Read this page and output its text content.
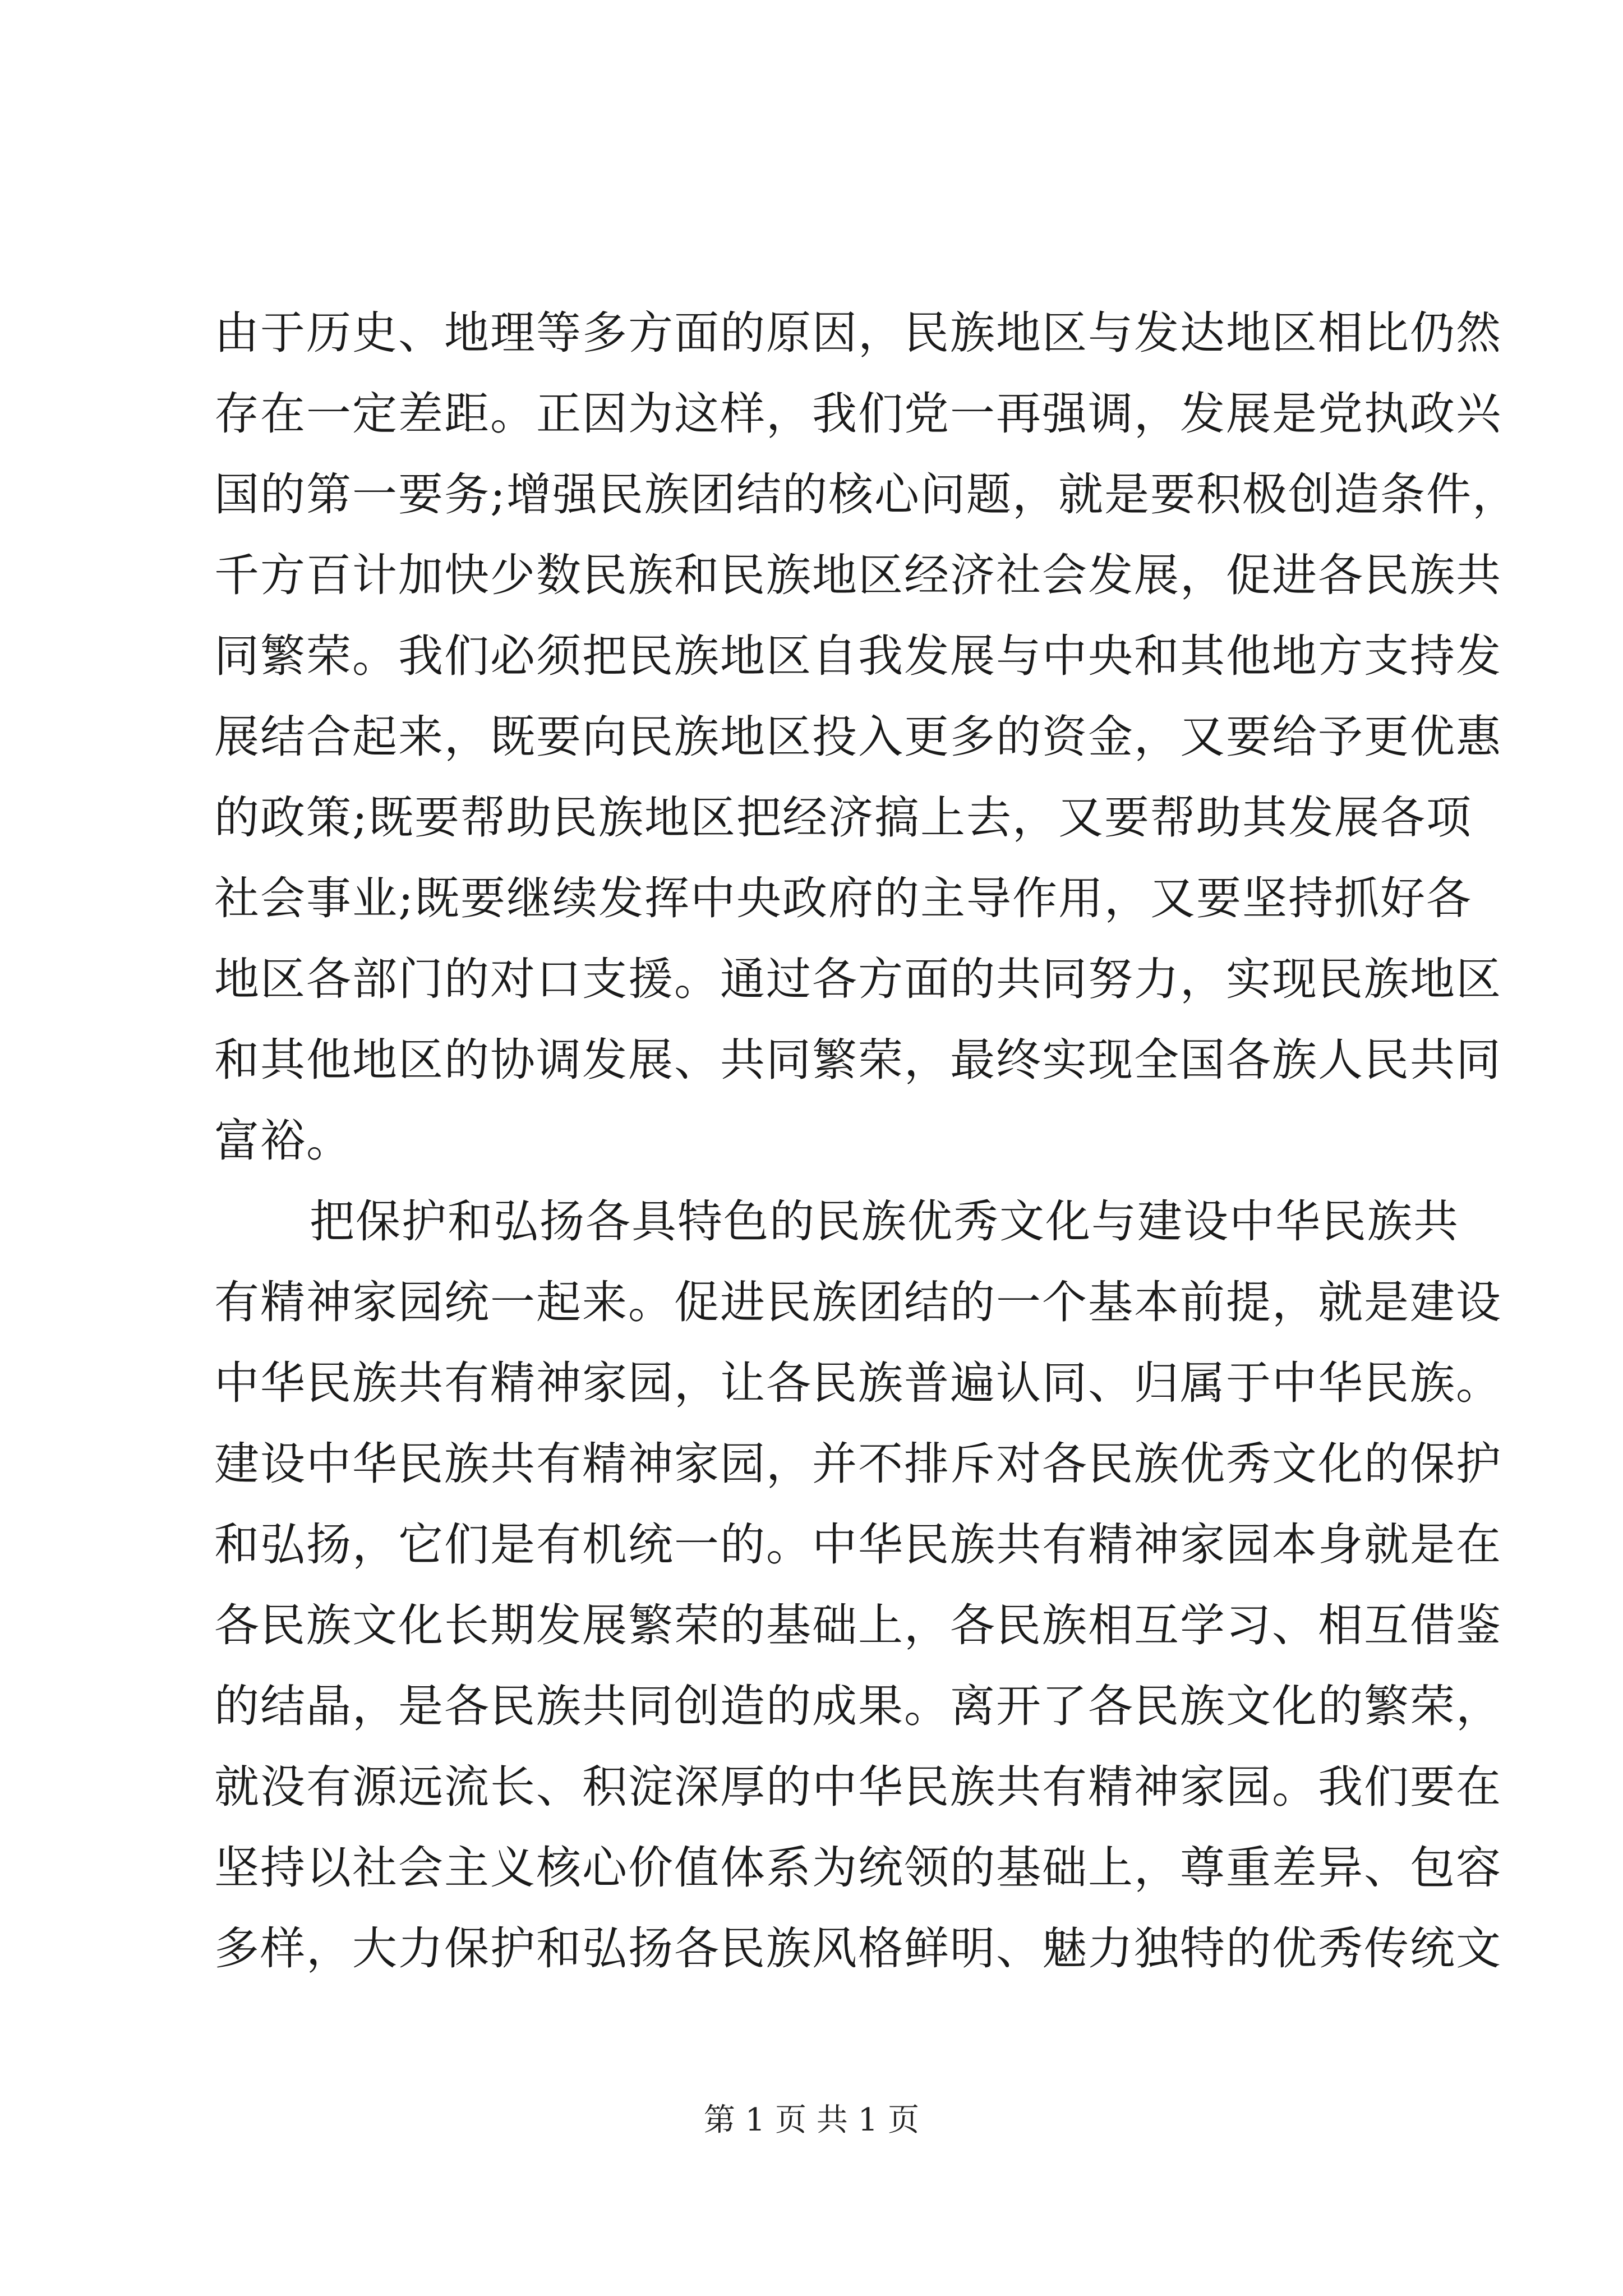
由于历史、地理等多方面的原因，民族地区与发达地区相比仍然
存在一定差距。正因为这样，我们党一再强调，发展是党执政兴
国的第一要务;增强民族团结的核心问题，就是要积极创造条件，
千方百计加快少数民族和民族地区经济社会发展，促进各民族共
同繁荣。我们必须把民族地区自我发展与中央和其他地方支持发
展结合起来，既要向民族地区投入更多的资金，又要给予更优惠
的政策;既要帮助民族地区把经济搞上去，又要帮助其发展各项
社会事业;既要继续发挥中央政府的主导作用，又要坚持抓好各
地区各部门的对口支援。通过各方面的共同努力，实现民族地区
和其他地区的协调发展、共同繁荣，最终实现全国各族人民共同
富裕。
把保护和弘扬各具特色的民族优秀文化与建设中华民族共
有精神家园统一起来。促进民族团结的一个基本前提，就是建设
中华民族共有精神家园，让各民族普遍认同、归属于中华民族。
建设中华民族共有精神家园，并不排斥对各民族优秀文化的保护
和弘扬，它们是有机统一的。中华民族共有精神家园本身就是在
各民族文化长期发展繁荣的基础上，各民族相互学习、相互借鉴
的结晶，是各民族共同创造的成果。离开了各民族文化的繁荣，
就没有源远流长、积淀深厚的中华民族共有精神家园。我们要在
坚持以社会主义核心价值体系为统领的基础上，尊重差异、包容
多样，大力保护和弘扬各民族风格鲜明、魅力独特的优秀传统文
第 1 页 共 1 页
